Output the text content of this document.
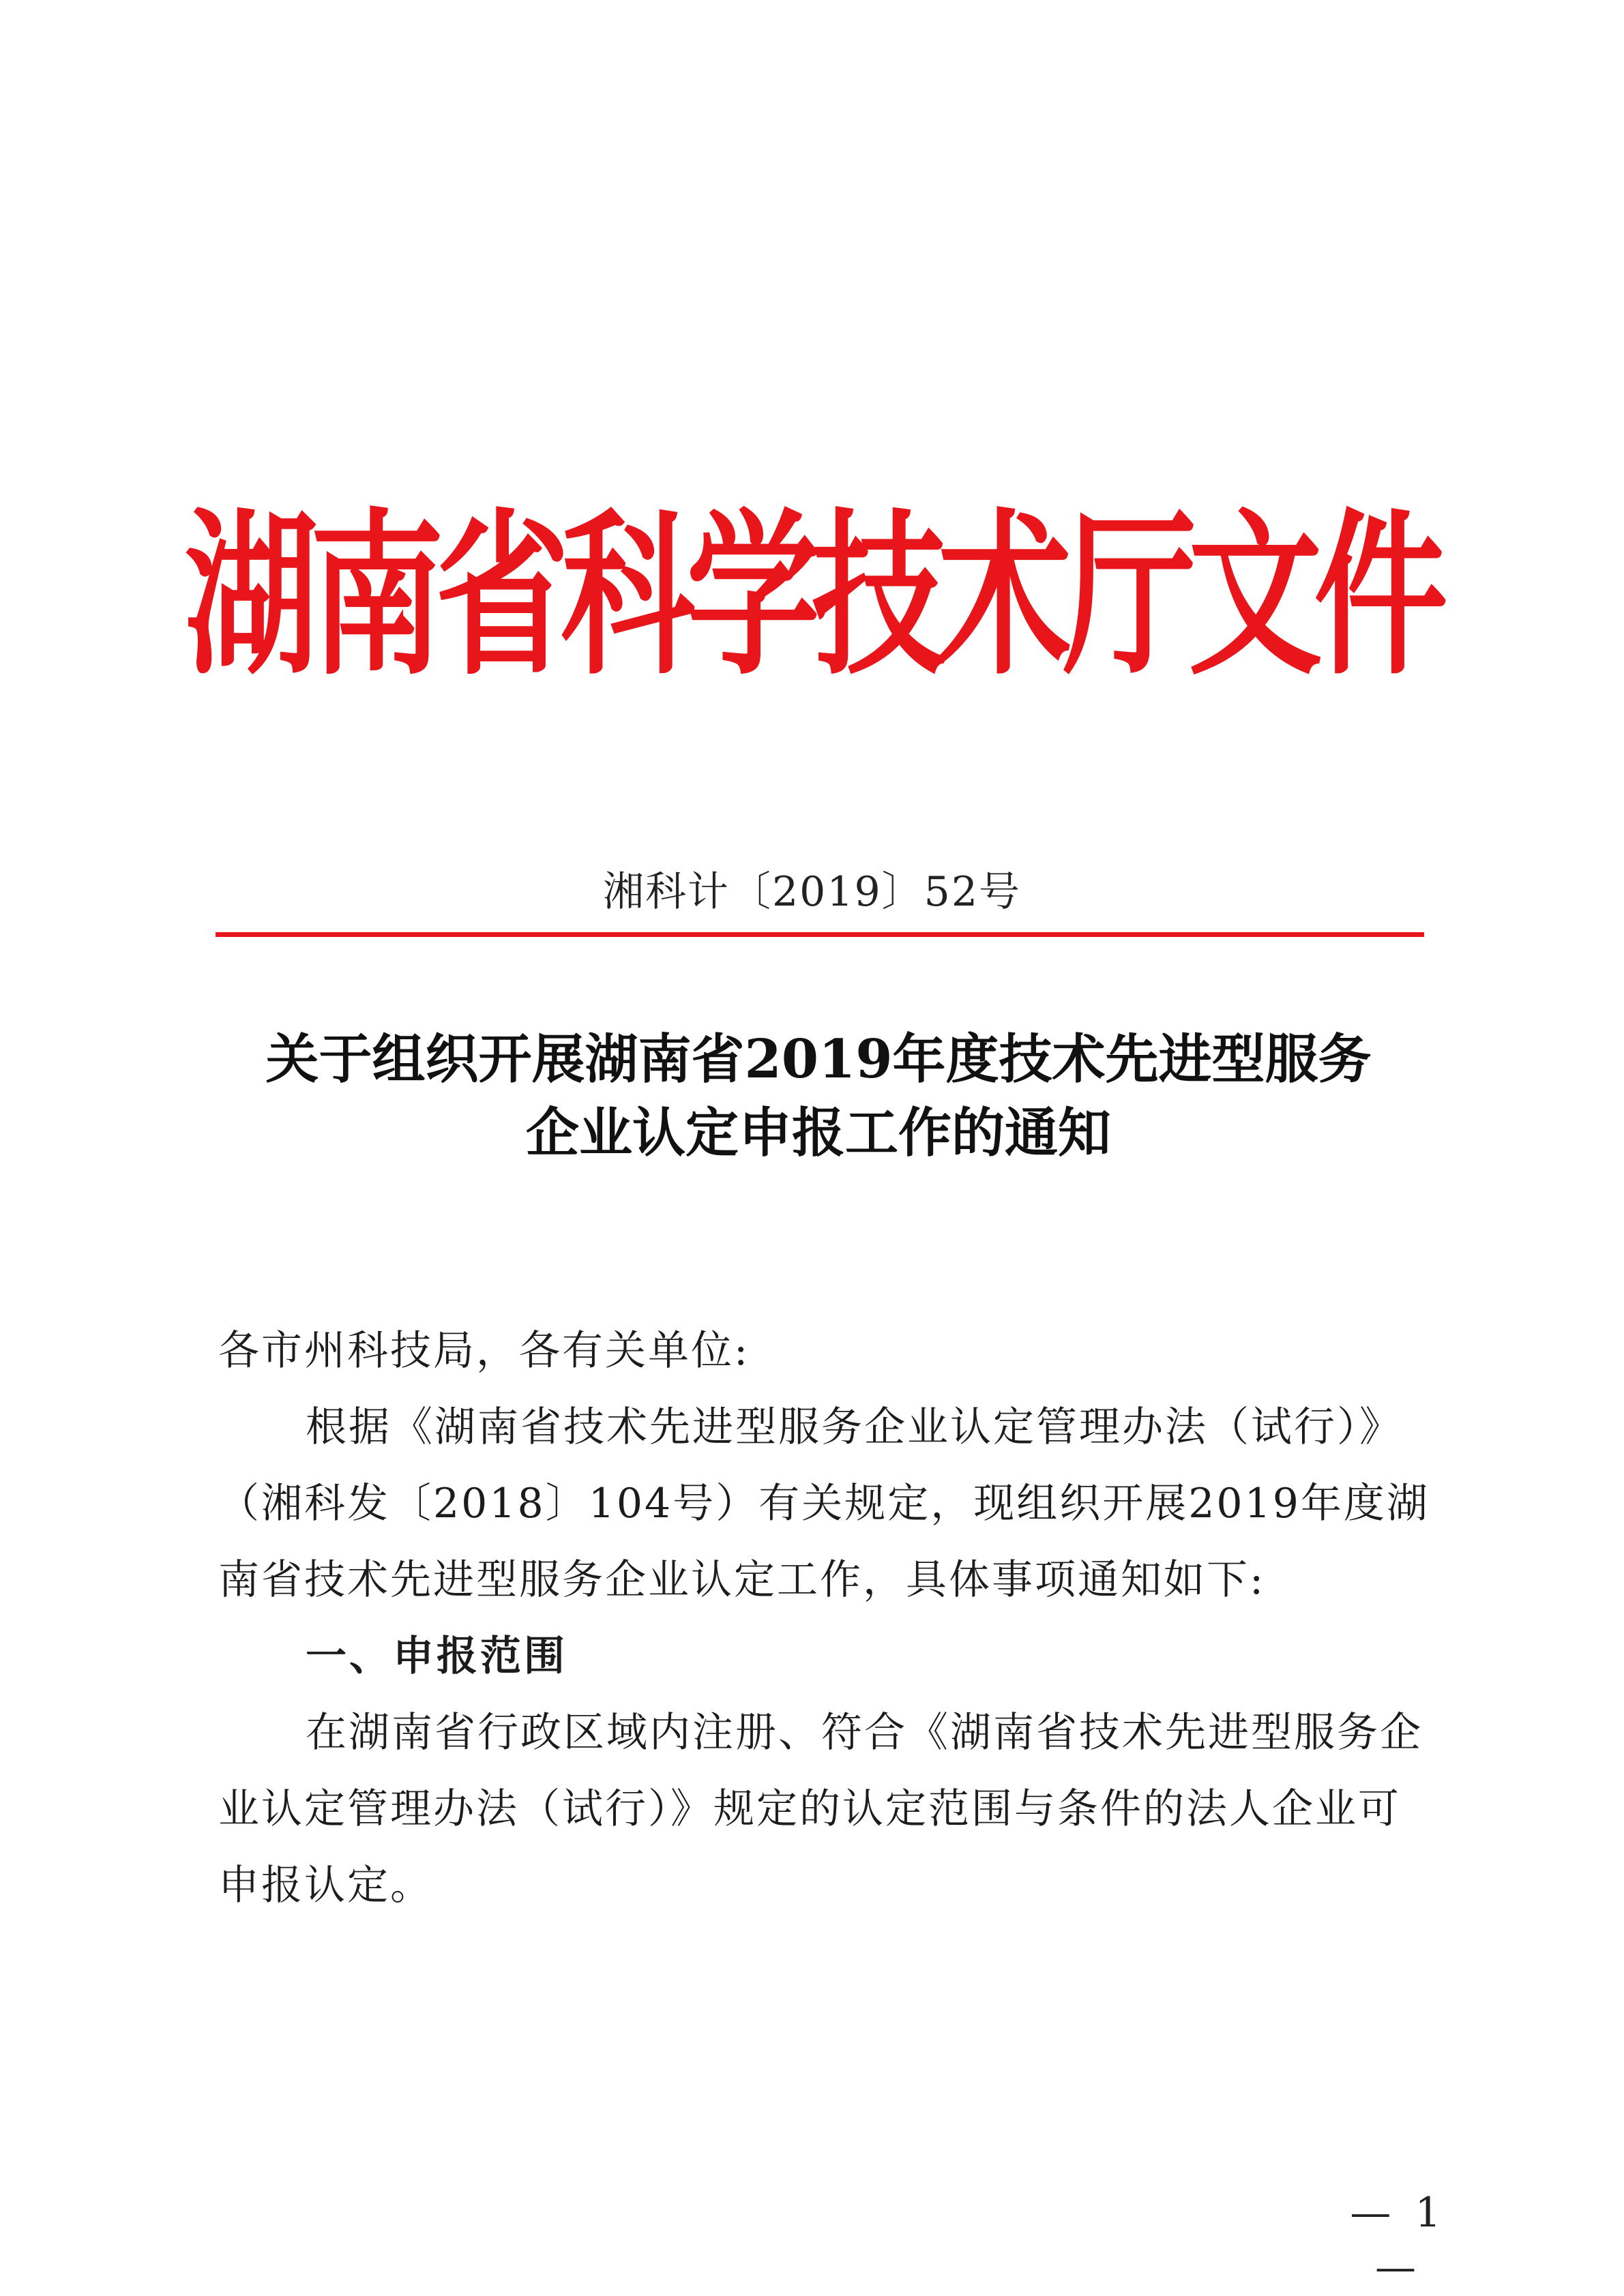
湖南省科学技术厅文件
湘科计〔2019〕52号
关于组织开展湖南省2019年度技术先进型服务
企业认定申报工作的通知
各市州科技局，各有关单位:
根据《湖南省技术先进型服务企业认定管理办法（试行）》
（湘科发〔2018〕104号）有关规定，现组织开展2019年度湖
南省技术先进型服务企业认定工作，具体事项通知如下:
一、申报范围
在湖南省行政区域内注册、符合《湖南省技术先进型服务企
业认定管理办法（试行）》规定的认定范围与条件的法人企业可
申报认定。
— 1 —
